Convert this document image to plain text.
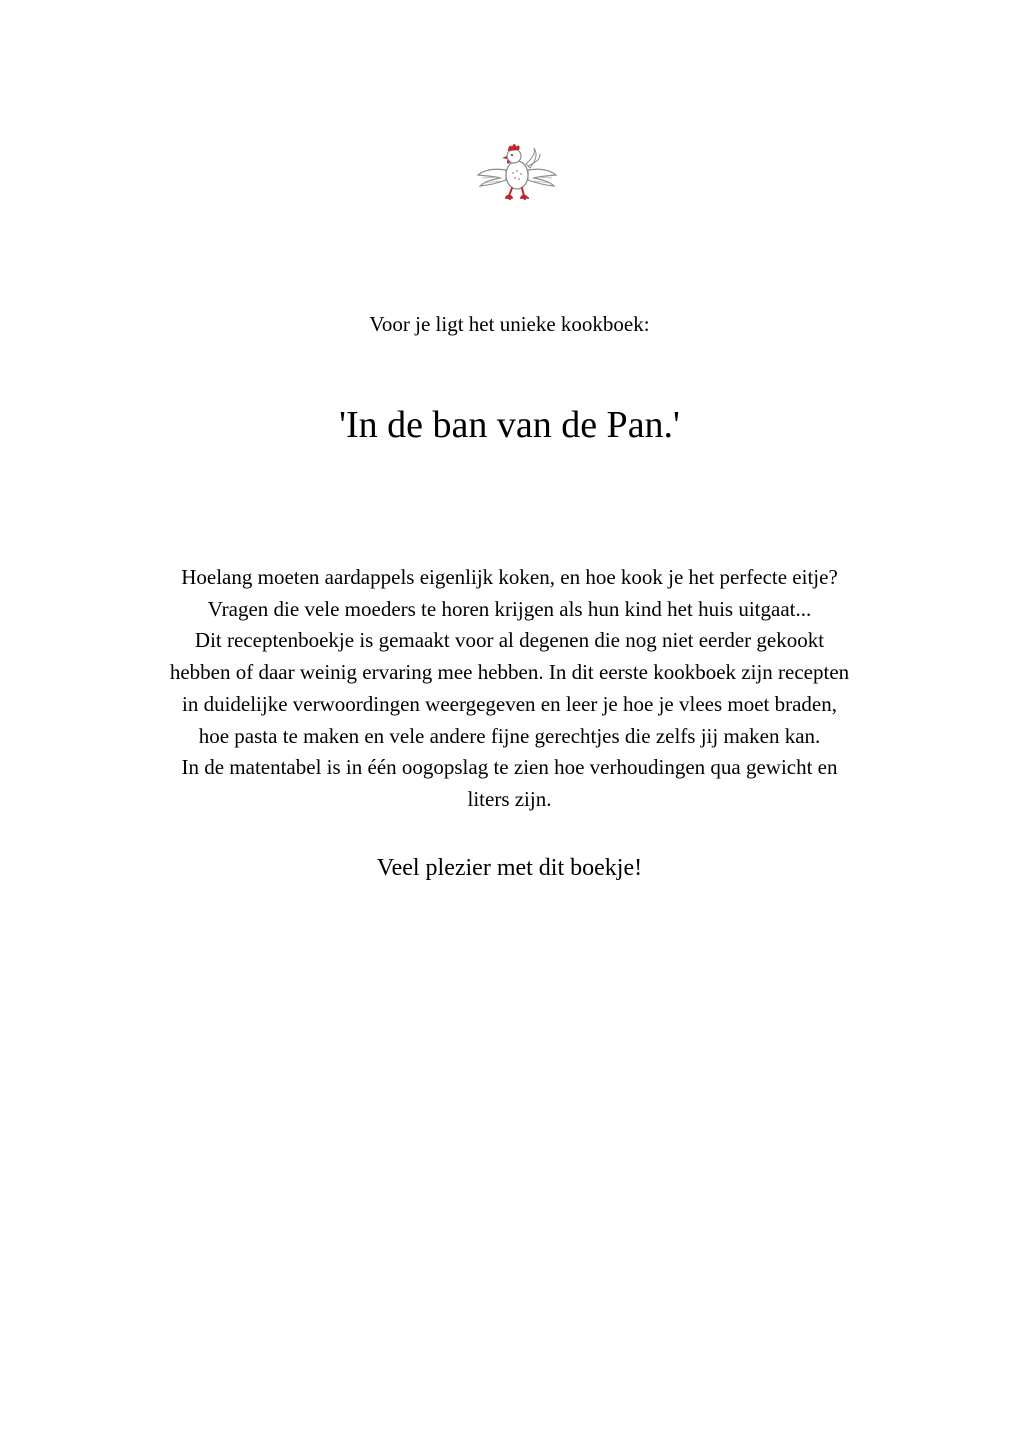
Voor je ligt het unieke kookboek:

'In de ban van de Pan.'

Hoelang moeten aardappels eigenlijk koken, en hoe kook je het perfecte eitje?
Vragen die vele moeders te horen krijgen als hun kind het huis uitgaat...
Dit receptenboekje is gemaakt voor al degenen die nog niet eerder gekookt
hebben of daar weinig ervaring mee hebben. In dit eerste kookboek zijn recepten
in duidelijke verwoordingen weergegeven en leer je hoe je vlees moet braden,
hoe pasta te maken en vele andere fijne gerechtjes die zelfs jij maken kan.
In de matentabel is in één oogopslag te zien hoe verhoudingen qua gewicht en
liters zijn.

Veel plezier met dit boekje!
